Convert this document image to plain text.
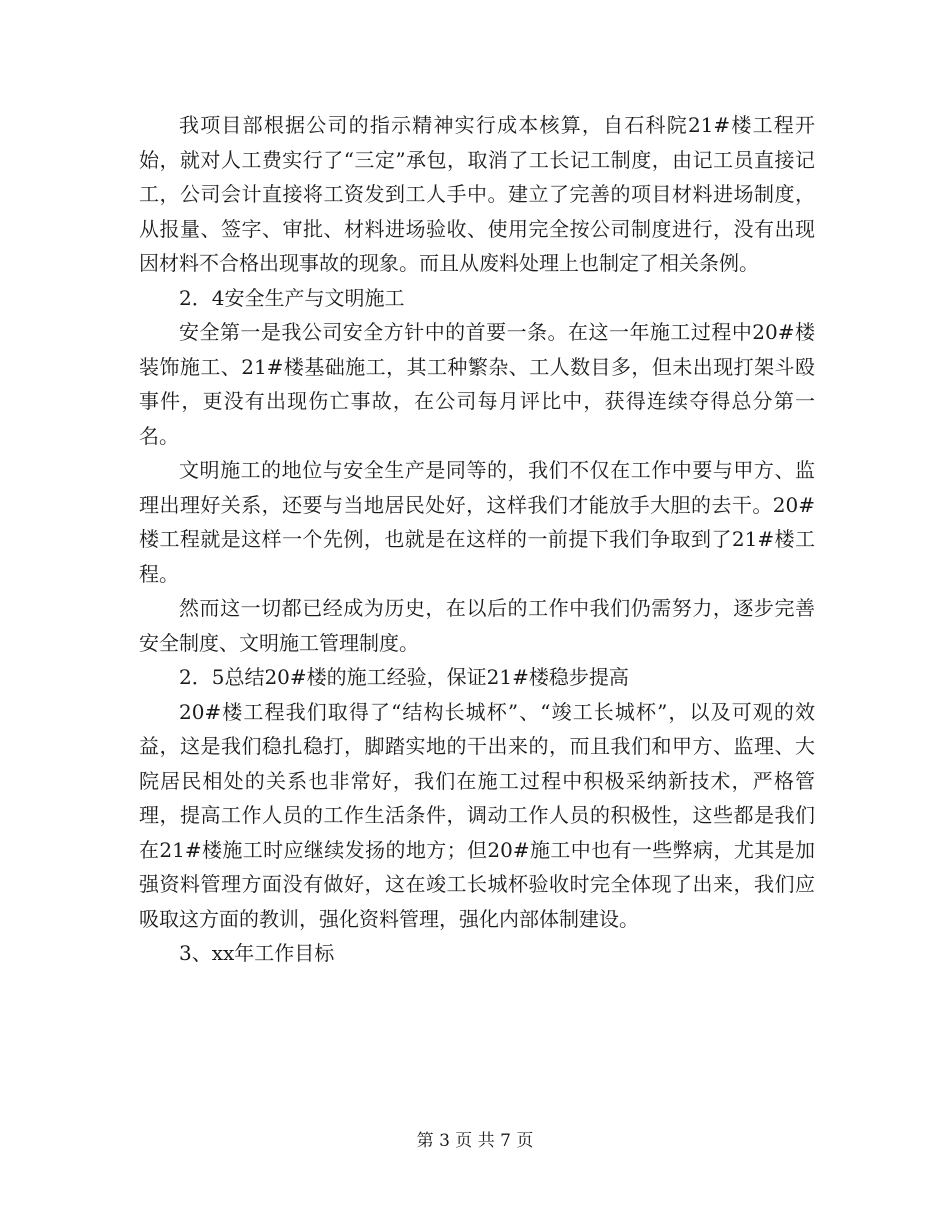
我项目部根据公司的指示精神实行成本核算，自石科院21#楼工程开始，就对人工费实行了“三定”承包，取消了工长记工制度，由记工员直接记工，公司会计直接将工资发到工人手中。建立了完善的项目材料进场制度，从报量、签字、审批、材料进场验收、使用完全按公司制度进行，没有出现因材料不合格出现事故的现象。而且从废料处理上也制定了相关条例。

2．4安全生产与文明施工

安全第一是我公司安全方针中的首要一条。在这一年施工过程中20#楼装饰施工、21#楼基础施工，其工种繁杂、工人数目多，但未出现打架斗殴事件，更没有出现伤亡事故，在公司每月评比中，获得连续夺得总分第一名。

文明施工的地位与安全生产是同等的，我们不仅在工作中要与甲方、监理出理好关系，还要与当地居民处好，这样我们才能放手大胆的去干。20#楼工程就是这样一个先例，也就是在这样的一前提下我们争取到了21#楼工程。

然而这一切都已经成为历史，在以后的工作中我们仍需努力，逐步完善安全制度、文明施工管理制度。

2．5总结20#楼的施工经验，保证21#楼稳步提高

20#楼工程我们取得了“结构长城杯”、“竣工长城杯”，以及可观的效益，这是我们稳扎稳打，脚踏实地的干出来的，而且我们和甲方、监理、大院居民相处的关系也非常好，我们在施工过程中积极采纳新技术，严格管理，提高工作人员的工作生活条件，调动工作人员的积极性，这些都是我们在21#楼施工时应继续发扬的地方；但20#施工中也有一些弊病，尤其是加强资料管理方面没有做好，这在竣工长城杯验收时完全体现了出来，我们应吸取这方面的教训，强化资料管理，强化内部体制建设。

3、xx年工作目标

第 3 页 共 7 页
